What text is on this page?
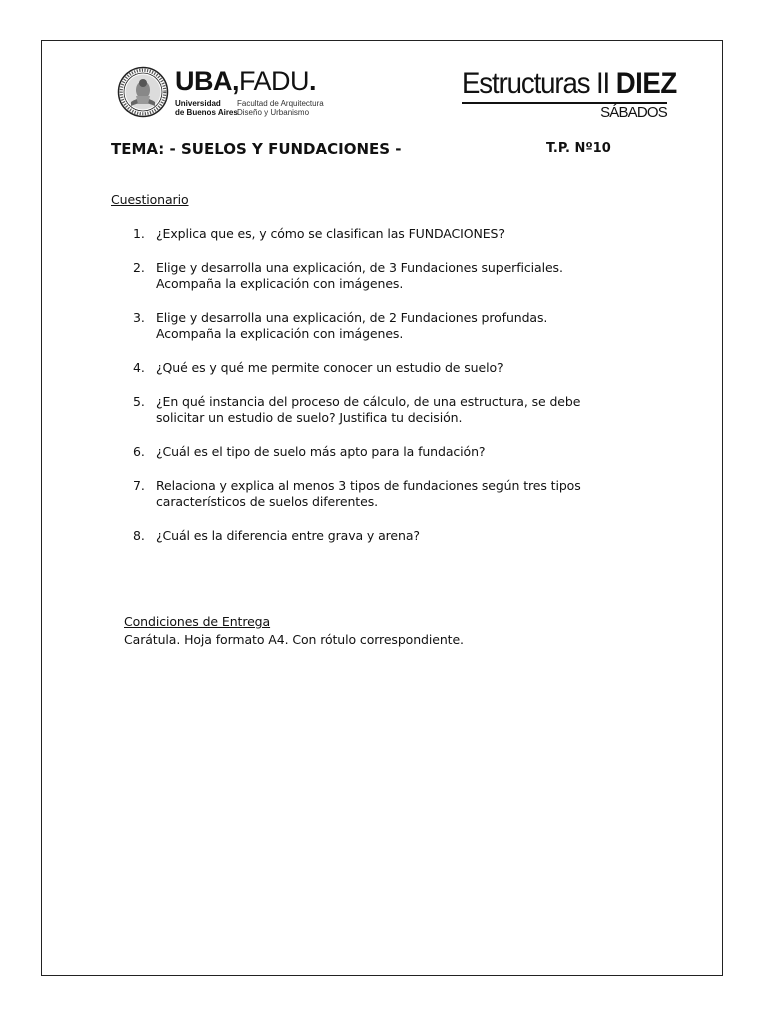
UBA,FADU.
Universidad
de Buenos Aires
Facultad de Arquitectura
Diseño y Urbanismo
Estructuras II DIEZ
SÁBADOS
TEMA: - SUELOS Y FUNDACIONES -	T.P. Nº10
Cuestionario
1. ¿Explica que es, y cómo se clasifican las FUNDACIONES?
2. Elige y desarrolla una explicación, de 3 Fundaciones superficiales.
Acompaña la explicación con imágenes.
3. Elige y desarrolla una explicación, de 2 Fundaciones profundas.
Acompaña la explicación con imágenes.
4. ¿Qué es y qué me permite conocer un estudio de suelo?
5. ¿En qué instancia del proceso de cálculo, de una estructura, se debe
solicitar un estudio de suelo? Justifica tu decisión.
6. ¿Cuál es el tipo de suelo más apto para la fundación?
7. Relaciona y explica al menos 3 tipos de fundaciones según tres tipos
característicos de suelos diferentes.
8. ¿Cuál es la diferencia entre grava y arena?
Condiciones de Entrega
Carátula. Hoja formato A4. Con rótulo correspondiente.
